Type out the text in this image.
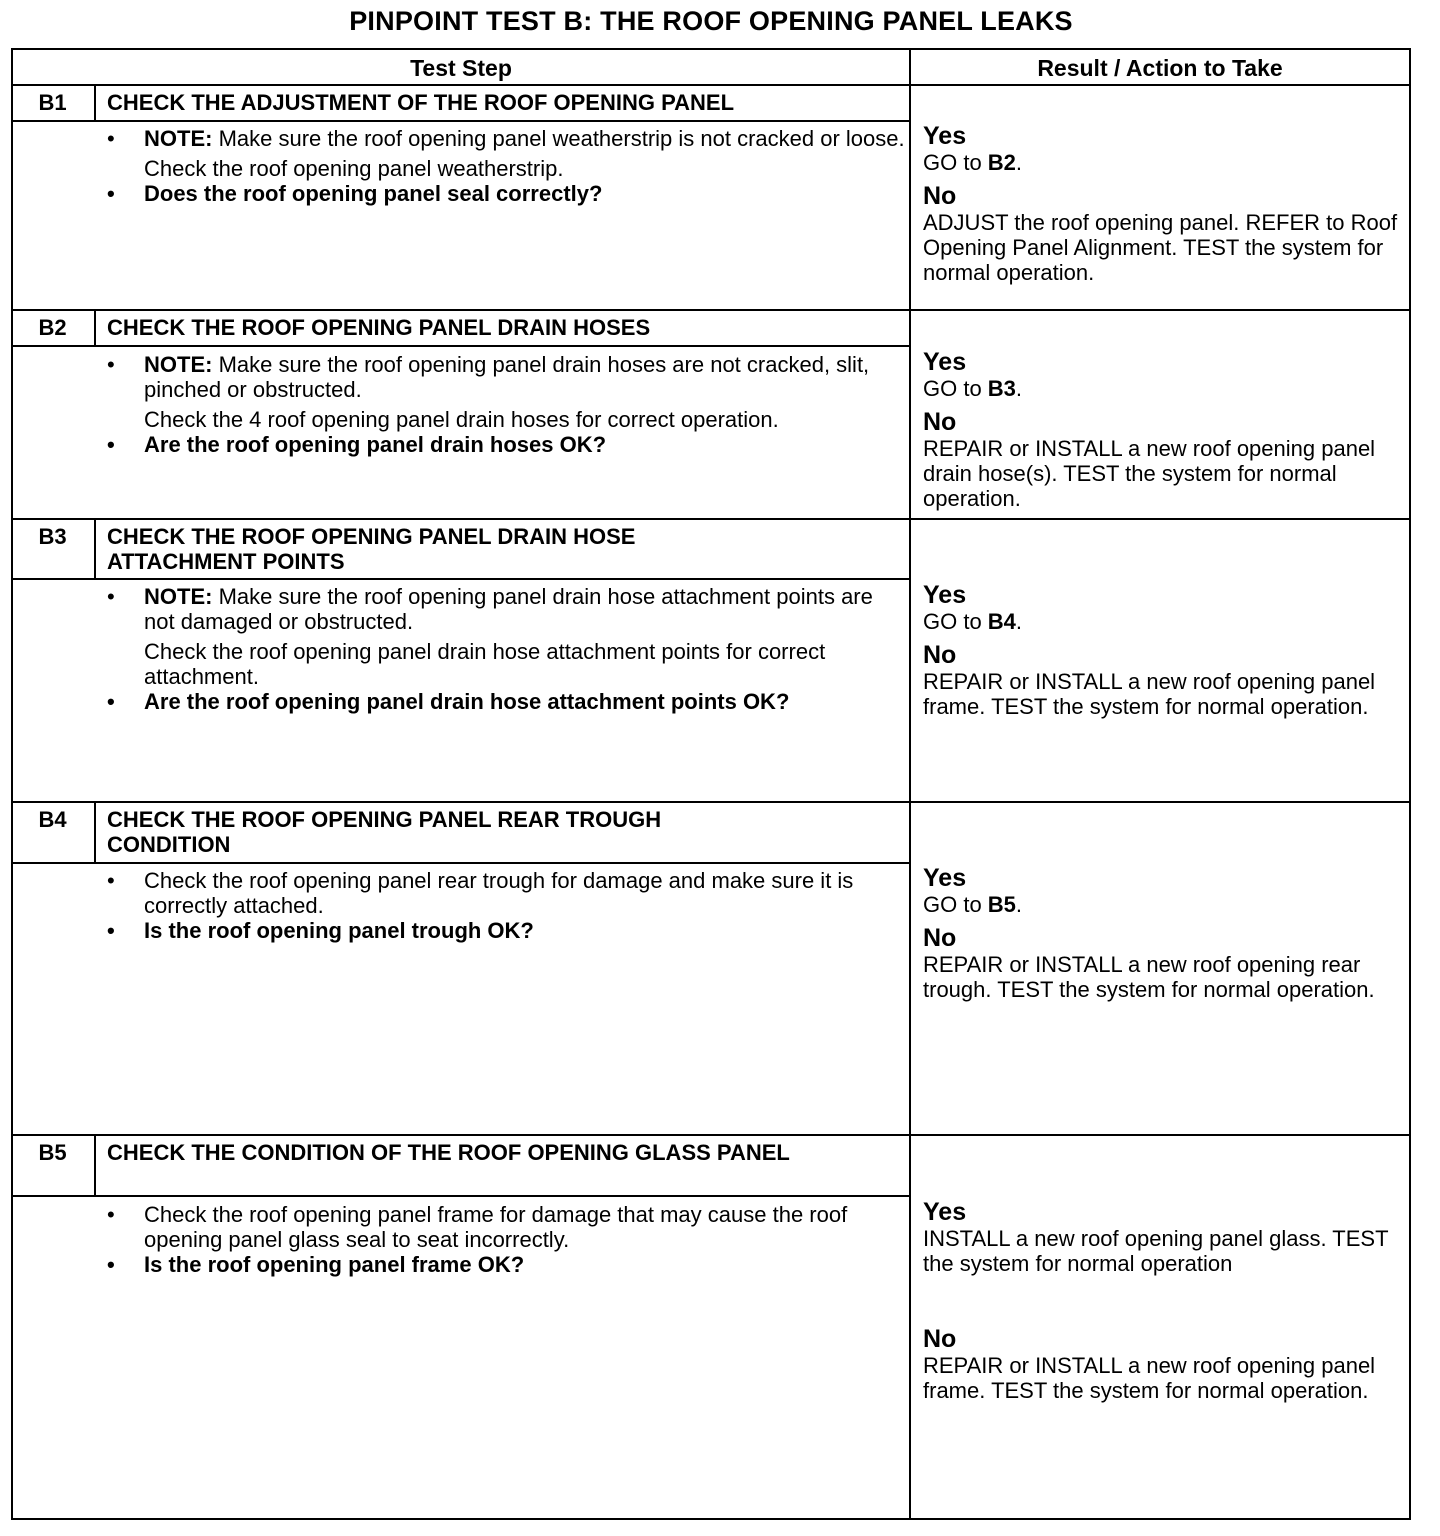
PINPOINT TEST B: THE ROOF OPENING PANEL LEAKS
Test Step	Result / Action to Take
B1	CHECK THE ADJUSTMENT OF THE ROOF OPENING PANEL
• NOTE: Make sure the roof opening panel weatherstrip is not cracked or loose.
Check the roof opening panel weatherstrip.
• Does the roof opening panel seal correctly?
Yes
GO to B2.
No
ADJUST the roof opening panel. REFER to Roof Opening Panel Alignment. TEST the system for normal operation.
B2	CHECK THE ROOF OPENING PANEL DRAIN HOSES
• NOTE: Make sure the roof opening panel drain hoses are not cracked, slit, pinched or obstructed.
Check the 4 roof opening panel drain hoses for correct operation.
• Are the roof opening panel drain hoses OK?
Yes
GO to B3.
No
REPAIR or INSTALL a new roof opening panel drain hose(s). TEST the system for normal operation.
B3	CHECK THE ROOF OPENING PANEL DRAIN HOSE ATTACHMENT POINTS
• NOTE: Make sure the roof opening panel drain hose attachment points are not damaged or obstructed.
Check the roof opening panel drain hose attachment points for correct attachment.
• Are the roof opening panel drain hose attachment points OK?
Yes
GO to B4.
No
REPAIR or INSTALL a new roof opening panel frame. TEST the system for normal operation.
B4	CHECK THE ROOF OPENING PANEL REAR TROUGH CONDITION
• Check the roof opening panel rear trough for damage and make sure it is correctly attached.
• Is the roof opening panel trough OK?
Yes
GO to B5.
No
REPAIR or INSTALL a new roof opening rear trough. TEST the system for normal operation.
B5	CHECK THE CONDITION OF THE ROOF OPENING GLASS PANEL
• Check the roof opening panel frame for damage that may cause the roof opening panel glass seal to seat incorrectly.
• Is the roof opening panel frame OK?
Yes
INSTALL a new roof opening panel glass. TEST the system for normal operation
No
REPAIR or INSTALL a new roof opening panel frame. TEST the system for normal operation.
